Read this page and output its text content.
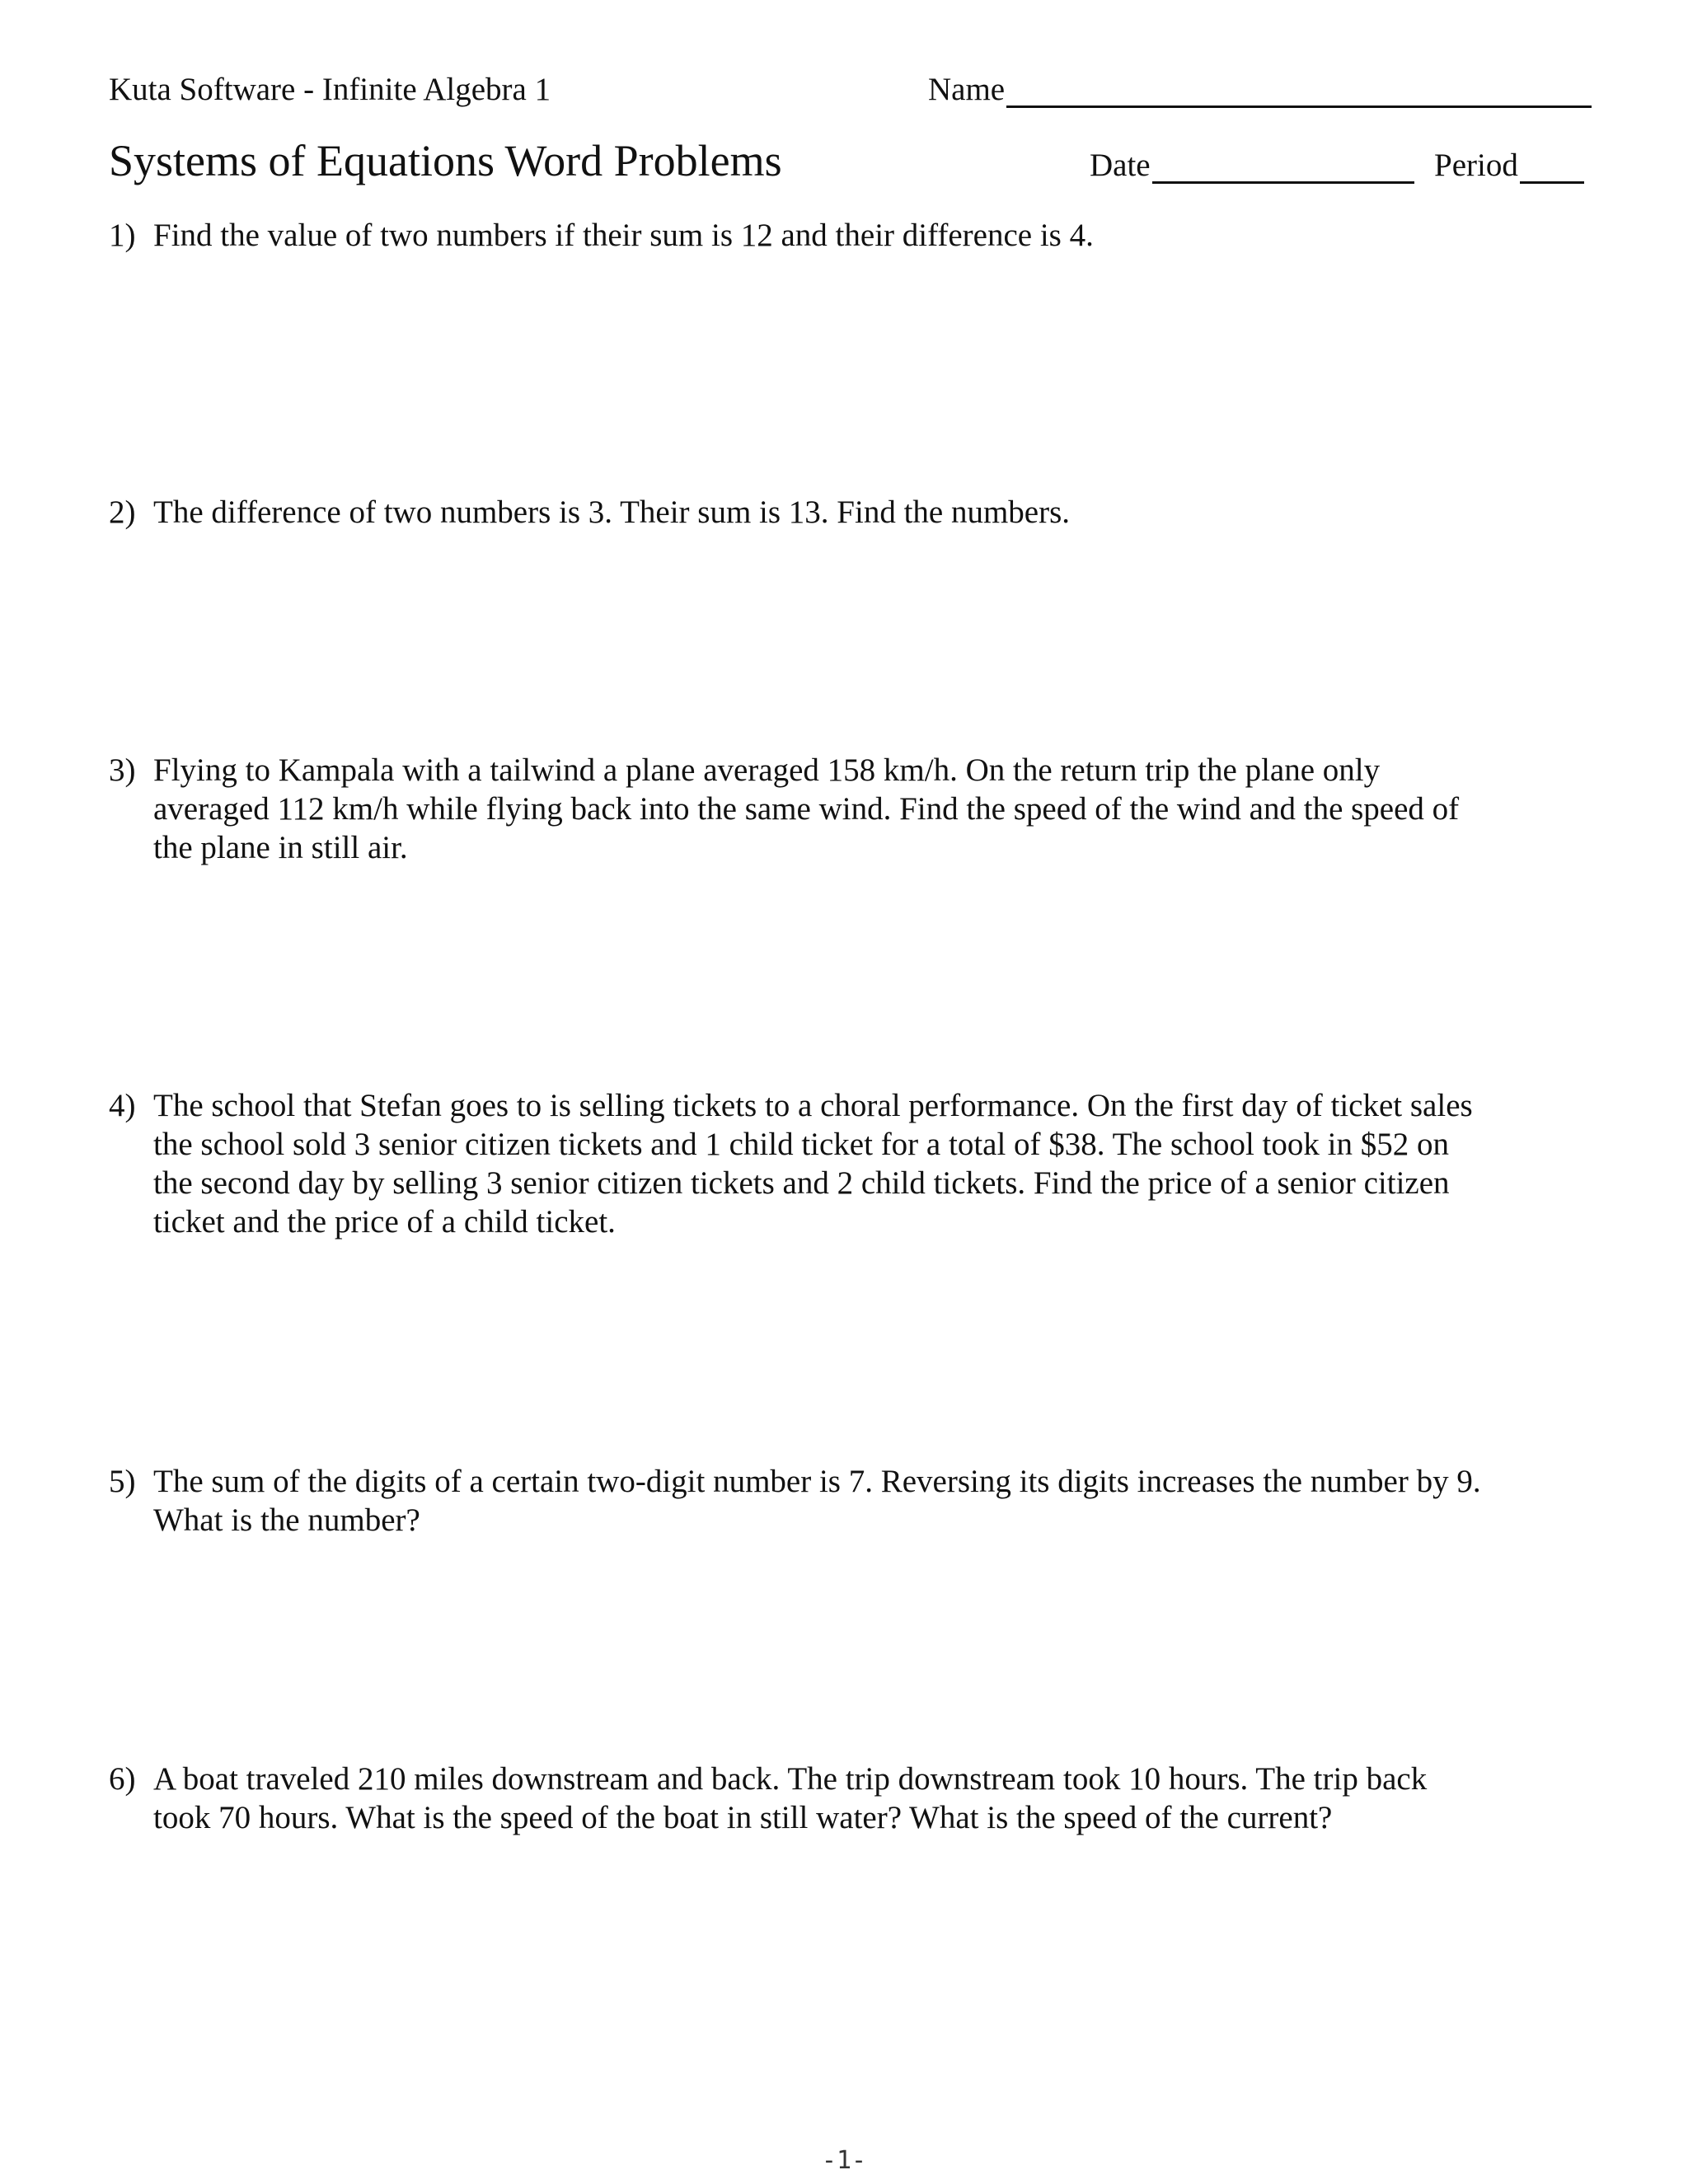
Kuta Software - Infinite Algebra 1
Systems of Equations Word Problems
Name
Date	Period
1) Find the value of two numbers if their sum is 12 and their difference is 4.
2) The difference of two numbers is 3. Their sum is 13. Find the numbers.
3) Flying to Kampala with a tailwind a plane averaged 158 km/h. On the return trip the plane only
averaged 112 km/h while flying back into the same wind. Find the speed of the wind and the speed of
the plane in still air.
4) The school that Stefan goes to is selling tickets to a choral performance. On the first day of ticket sales
the school sold 3 senior citizen tickets and 1 child ticket for a total of $38. The school took in $52 on
the second day by selling 3 senior citizen tickets and 2 child tickets. Find the price of a senior citizen
ticket and the price of a child ticket.
5) The sum of the digits of a certain two-digit number is 7. Reversing its digits increases the number by 9.
What is the number?
6) A boat traveled 210 miles downstream and back. The trip downstream took 10 hours. The trip back
took 70 hours. What is the speed of the boat in still water? What is the speed of the current?
-1-
